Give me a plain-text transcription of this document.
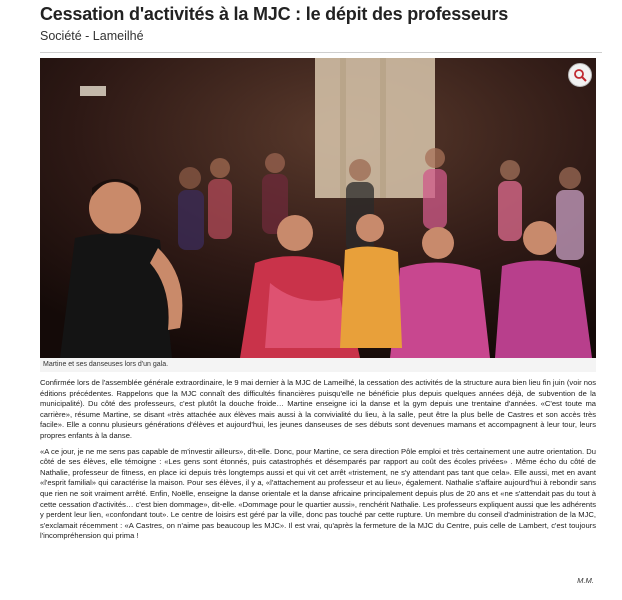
Cessation d'activités à la MJC : le dépit des professeurs
Société - Lameilhé
Martine et ses danseuses lors d'un gala.

Confirmée lors de l'assemblée générale extraordinaire, le 9 mai dernier à la MJC de Lameilhé, la cessation des activités de la structure aura bien lieu fin juin (voir nos éditions précédentes. Rappelons que la MJC connaît des difficultés financières puisqu'elle ne bénéficie plus depuis quelques années déjà, de subvention de la municipalité). Du côté des professeurs, c'est plutôt la douche froide… Martine enseigne ici la danse et la gym depuis une trentaine d'années. «C'est toute ma carrière», résume Martine, se disant «très attachée aux élèves mais aussi à la convivialité du lieu, à la salle, peut être la plus belle de Castres et son accès très facile». Elle a connu plusieurs générations d'élèves et aujourd'hui, les jeunes danseuses de ses débuts sont devenues mamans et accompagnent à leur tour, leurs propres enfants à la danse.

«A ce jour, je ne me sens pas capable de m'investir ailleurs», dit-elle. Donc, pour Martine, ce sera direction Pôle emploi et très certainement une autre orientation. Du côté de ses élèves, elle témoigne : «Les gens sont étonnés, puis catastrophés et désemparés par rapport au coût des écoles privées» . Même écho du côté de Nathalie, professeur de fitness, en place ici depuis très longtemps aussi et qui vit cet arrêt «tristement, ne s'y attendant pas tant que cela». Elle aussi, met en avant «l'esprit familial» qui caractérise la maison. Pour ses élèves, il y a, «l'attachement au professeur et au lieu», également. Nathalie s'affaire aujourd'hui à rebondir sans que rien ne soit vraiment arrêté. Enfin, Noëlle, enseigne la danse orientale et la danse africaine principalement depuis plus de 20 ans et «ne s'attendait pas du tout à cette cessation d'activités… c'est bien dommage», dit-elle. «Dommage pour le quartier aussi», renchérit Nathalie. Les professeurs expliquent aussi que les adhérents y perdent leur lien, «confondant tout». Le centre de loisirs est géré par la ville, donc pas touché par cette rupture. Un membre du conseil d'administration de la MJC, s'exclamait récemment : «A Castres, on n'aime pas beaucoup les MJC». Il est vrai, qu'après la fermeture de la MJC du Centre, puis celle de Lambert, c'est toujours l'incompréhension qui prima !

M.M.
